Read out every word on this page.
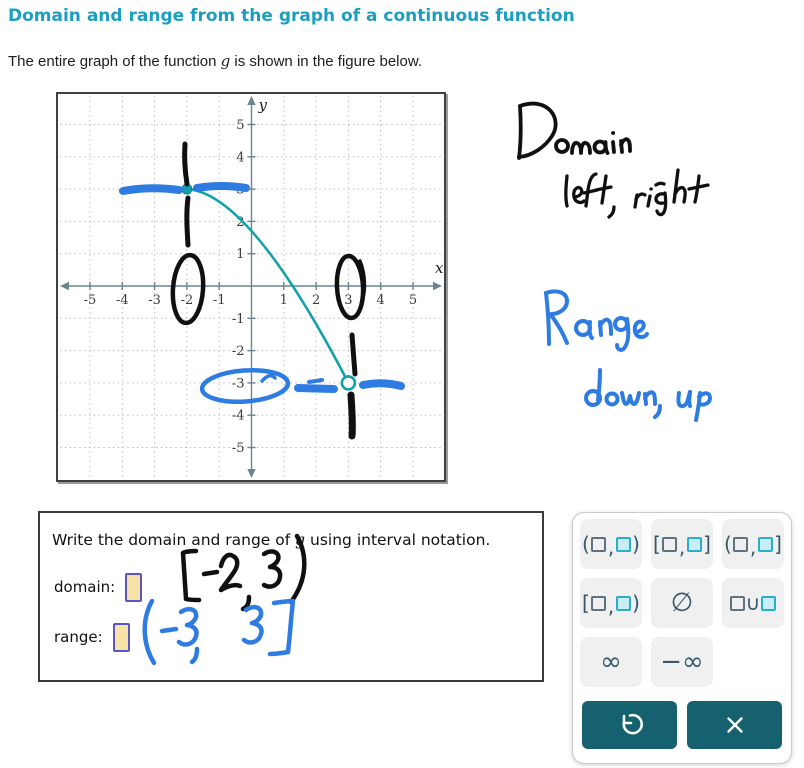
Domain and range from the graph of a continuous function

The entire graph of the function g is shown in the figure below.

-5 -4 -3 -2 -1	1 2 3 4 5
-5
-4
-3
-2
-1
1
2
3
4
5
x
y
Write the domain and range of g using interval notation.
domain:
range:
( , ) [ , ] ( , ]
[ , ) ∅	∪
∞ −∞
